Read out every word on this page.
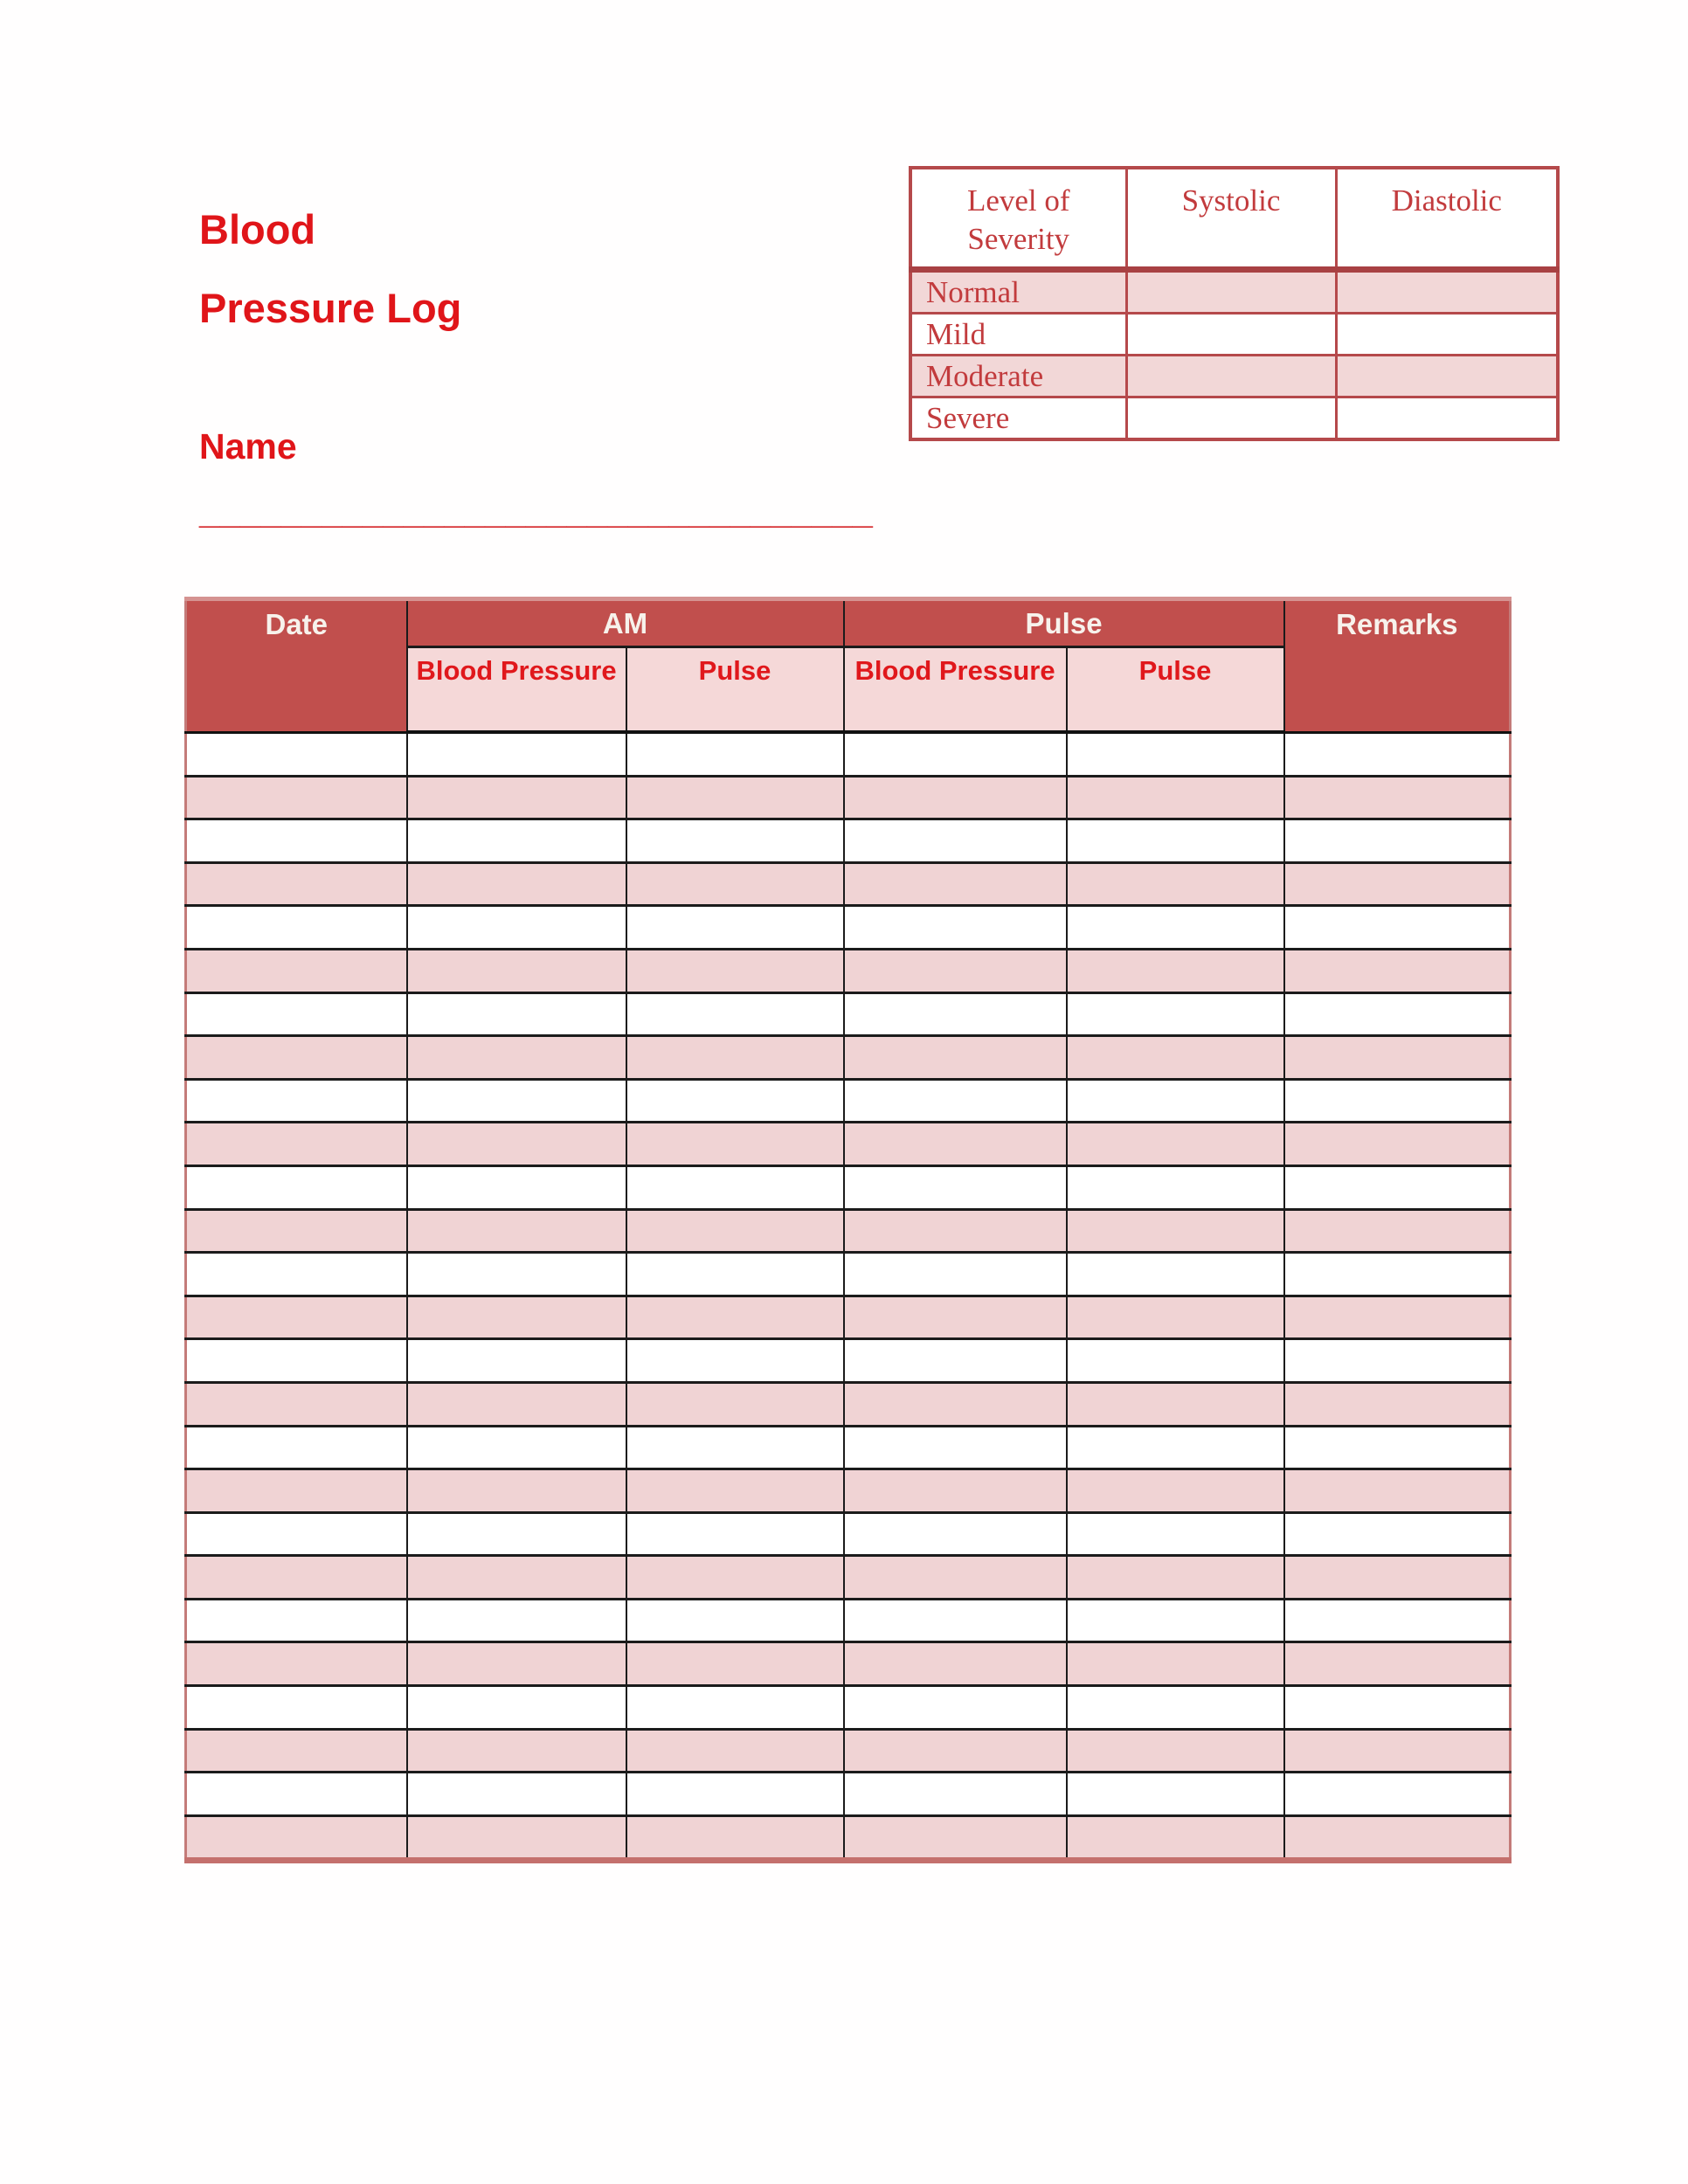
Blood
Pressure Log
Name
_________________________________
Level of Severity	Systolic	Diastolic
Normal		
Mild		
Moderate		
Severe		
Date	AM		Pulse		Remarks
	Blood Pressure	Pulse	Blood Pressure	Pulse	
